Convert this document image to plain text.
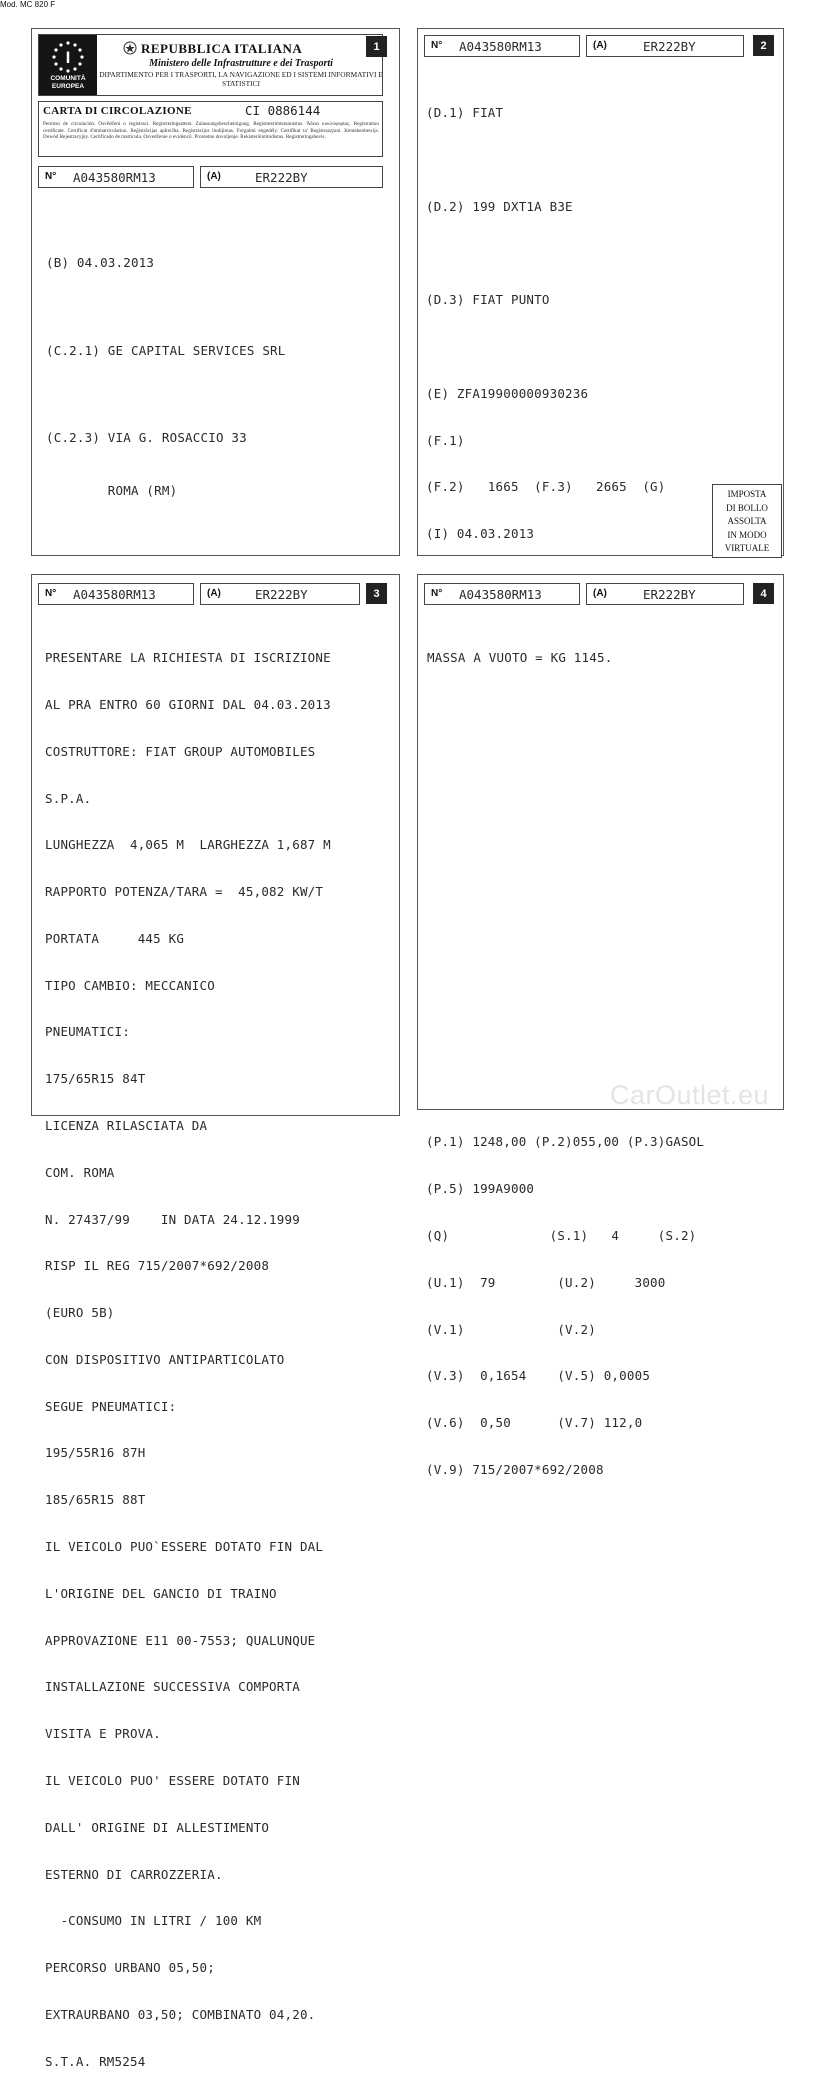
Mod. MC 820 F
I
COMUNITÀ EUROPEA
REPUBBLICA ITALIANA
Ministero delle Infrastrutture e dei Trasporti
DIPARTIMENTO PER I TRASPORTI, LA NAVIGAZIONE ED I SISTEMI INFORMATIVI E STATISTICI
1
CARTA DI CIRCOLAZIONE	CI 0886144
Permiso de circulación. Osvědčení o registraci. Registreringsattest. Zulassungsbescheinigung. Registreerimistunnistus. Άδεια κυκλοφορίας. Registration certificate. Certificat d'immatriculation. Reģistrācijas apliecība. Registracijos liudijimas. Forgalmi engedély. Certifikat ta' Registrazzjoni. Kentekenbewijs. Dowód Rejestracyjny. Certificado de matrícula. Osvedčenie o evidencii. Prometno dovoljenje. Rekisteröintitodistus. Registreringsbevis.
N° A043580RM13	(A)	ER222BY

(B) 04.03.2013

(C.2.1) GE CAPITAL SERVICES SRL

(C.2.3) VIA G. ROSACCIO 33

ROMA (RM)

N° A043580RM13	(A)	ER222BY	2

(D.1) FIAT

(D.2) 199 DXT1A B3E

(D.3) FIAT PUNTO

(E) ZFA19900000930236

(F.1)

(F.2)   1665  (F.3)   2665  (G)

(I) 04.03.2013

(P.1) 1248,00 (P.2)055,00 (P.3)GASOL

(P.5) 199A9000

(Q)             (S.1)   4     (S.2)

(U.1)  79        (U.2)     3000

(V.1)            (V.2)

(V.3)  0,1654    (V.5) 0,0005

(V.6)  0,50      (V.7) 112,0

(V.9) 715/2007*692/2008

IMPOSTA
DI BOLLO
ASSOLTA
IN MODO
VIRTUALE
N° A043580RM13	(A)	ER222BY	3

PRESENTARE LA RICHIESTA DI ISCRIZIONE

AL PRA ENTRO 60 GIORNI DAL 04.03.2013

COSTRUTTORE: FIAT GROUP AUTOMOBILES

S.P.A.

LUNGHEZZA  4,065 M  LARGHEZZA 1,687 M

RAPPORTO POTENZA/TARA =  45,082 KW/T

PORTATA     445 KG

TIPO CAMBIO: MECCANICO

PNEUMATICI:

175/65R15 84T

LICENZA RILASCIATA DA

COM. ROMA

N. 27437/99    IN DATA 24.12.1999

RISP IL REG 715/2007*692/2008

(EURO 5B)

CON DISPOSITIVO ANTIPARTICOLATO

SEGUE PNEUMATICI:

195/55R16 87H

185/65R15 88T

IL VEICOLO PUO`ESSERE DOTATO FIN DAL

L'ORIGINE DEL GANCIO DI TRAINO

APPROVAZIONE E11 00-7553; QUALUNQUE

INSTALLAZIONE SUCCESSIVA COMPORTA

VISITA E PROVA.

IL VEICOLO PUO' ESSERE DOTATO FIN

DALL' ORIGINE DI ALLESTIMENTO

ESTERNO DI CARROZZERIA.

-CONSUMO IN LITRI / 100 KM

PERCORSO URBANO 05,50;

EXTRAURBANO 03,50; COMBINATO 04,20.

S.T.A. RM5254

N° A043580RM13	(A)	ER222BY	4

MASSA A VUOTO = KG 1145.

CarOutlet.eu
